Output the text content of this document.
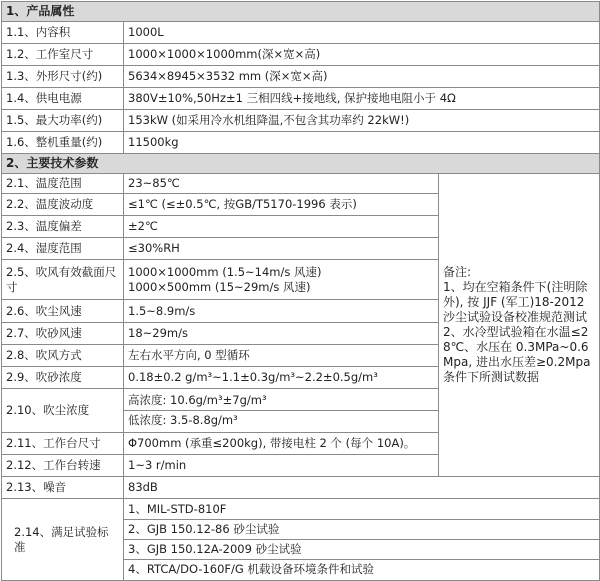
1、产品属性		
1.1、内容积	1000L	
1.2、工作室尺寸	1000×1000×1000mm(深×宽×高)	
1.3、外形尺寸(约)	5634×8945×3532 mm (深×宽×高)	
1.4、供电电源	380V±10%,50Hz±1 三相四线+接地线, 保护接地电阻小于 4Ω	
1.5、最大功率(约)	153kW (如采用冷水机组降温,不包含其功率约 22kW!)	
1.6、整机重量(约)	11500kg	
2、主要技术参数		
2.1、温度范围	23~85℃	备注:
1、均在空箱条件下(注明除外), 按 JJF (军工)18-2012 沙尘试验设备校准规范测试
2、水冷型试验箱在水温≤28℃、水压在 0.3MPa~0.6Mpa, 进出水压差≥0.2Mpa 条件下所测试数据
2.2、温度波动度	≤1℃ (≤±0.5℃, 按GB/T5170-1996 表示)	
2.3、温度偏差	±2℃	
2.4、湿度范围	≤30%RH	
2.5、吹风有效截面尺寸	1000×1000mm (1.5~14m/s 风速)
1000×500mm (15~29m/s 风速)	

2.6、吹尘风速	1.5~8.9m/s	
2.7、吹砂风速	18~29m/s	
2.8、吹风方式	左右水平方向, 0 型循环	
2.9、吹砂浓度	0.18±0.2 g/m³~1.1±0.3g/m³~2.2±0.5g/m³	
2.10、吹尘浓度	高浓度: 10.6g/m³±7g/m³
低浓度: 3.5-8.8g/m³	

2.11、工作台尺寸	Φ700mm (承重≤200kg), 带接电柱 2 个 (每个 10A)。	
2.12、工作台转速	1~3 r/min	
2.13、噪音	83dB	
2.14、满足试验标准	1、MIL-STD-810F
2、GJB 150.12-86 砂尘试验
3、GJB 150.12A-2009 砂尘试验
4、RTCA/DO-160F/G 机载设备环境条件和试验	
